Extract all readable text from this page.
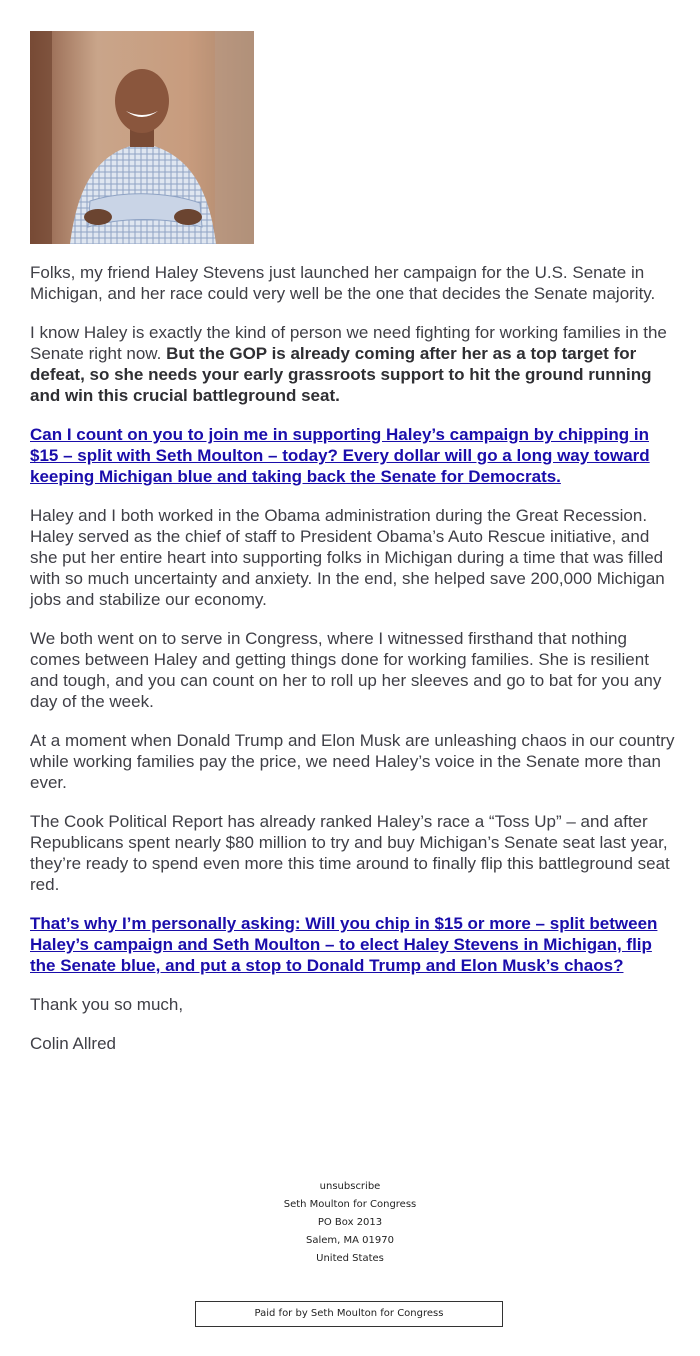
Folks, my friend Haley Stevens just launched her campaign for the U.S. Senate in Michigan, and her race could very well be the one that decides the Senate majority.

I know Haley is exactly the kind of person we need fighting for working families in the Senate right now. But the GOP is already coming after her as a top target for defeat, so she needs your early grassroots support to hit the ground running and win this crucial battleground seat.

Can I count on you to join me in supporting Haley’s campaign by chipping in $15 – split with Seth Moulton – today? Every dollar will go a long way toward keeping Michigan blue and taking back the Senate for Democrats.

Haley and I both worked in the Obama administration during the Great Recession. Haley served as the chief of staff to President Obama’s Auto Rescue initiative, and she put her entire heart into supporting folks in Michigan during a time that was filled with so much uncertainty and anxiety. In the end, she helped save 200,000 Michigan jobs and stabilize our economy.

We both went on to serve in Congress, where I witnessed firsthand that nothing comes between Haley and getting things done for working families. She is resilient and tough, and you can count on her to roll up her sleeves and go to bat for you any day of the week.

At a moment when Donald Trump and Elon Musk are unleashing chaos in our country while working families pay the price, we need Haley’s voice in the Senate more than ever.

The Cook Political Report has already ranked Haley’s race a “Toss Up” – and after Republicans spent nearly $80 million to try and buy Michigan’s Senate seat last year, they’re ready to spend even more this time around to finally flip this battleground seat red.

That’s why I’m personally asking: Will you chip in $15 or more – split between Haley’s campaign and Seth Moulton – to elect Haley Stevens in Michigan, flip the Senate blue, and put a stop to Donald Trump and Elon Musk’s chaos?

Thank you so much,

Colin Allred

unsubscribe
Seth Moulton for Congress
PO Box 2013
Salem, MA 01970
United States
Paid for by Seth Moulton for Congress
